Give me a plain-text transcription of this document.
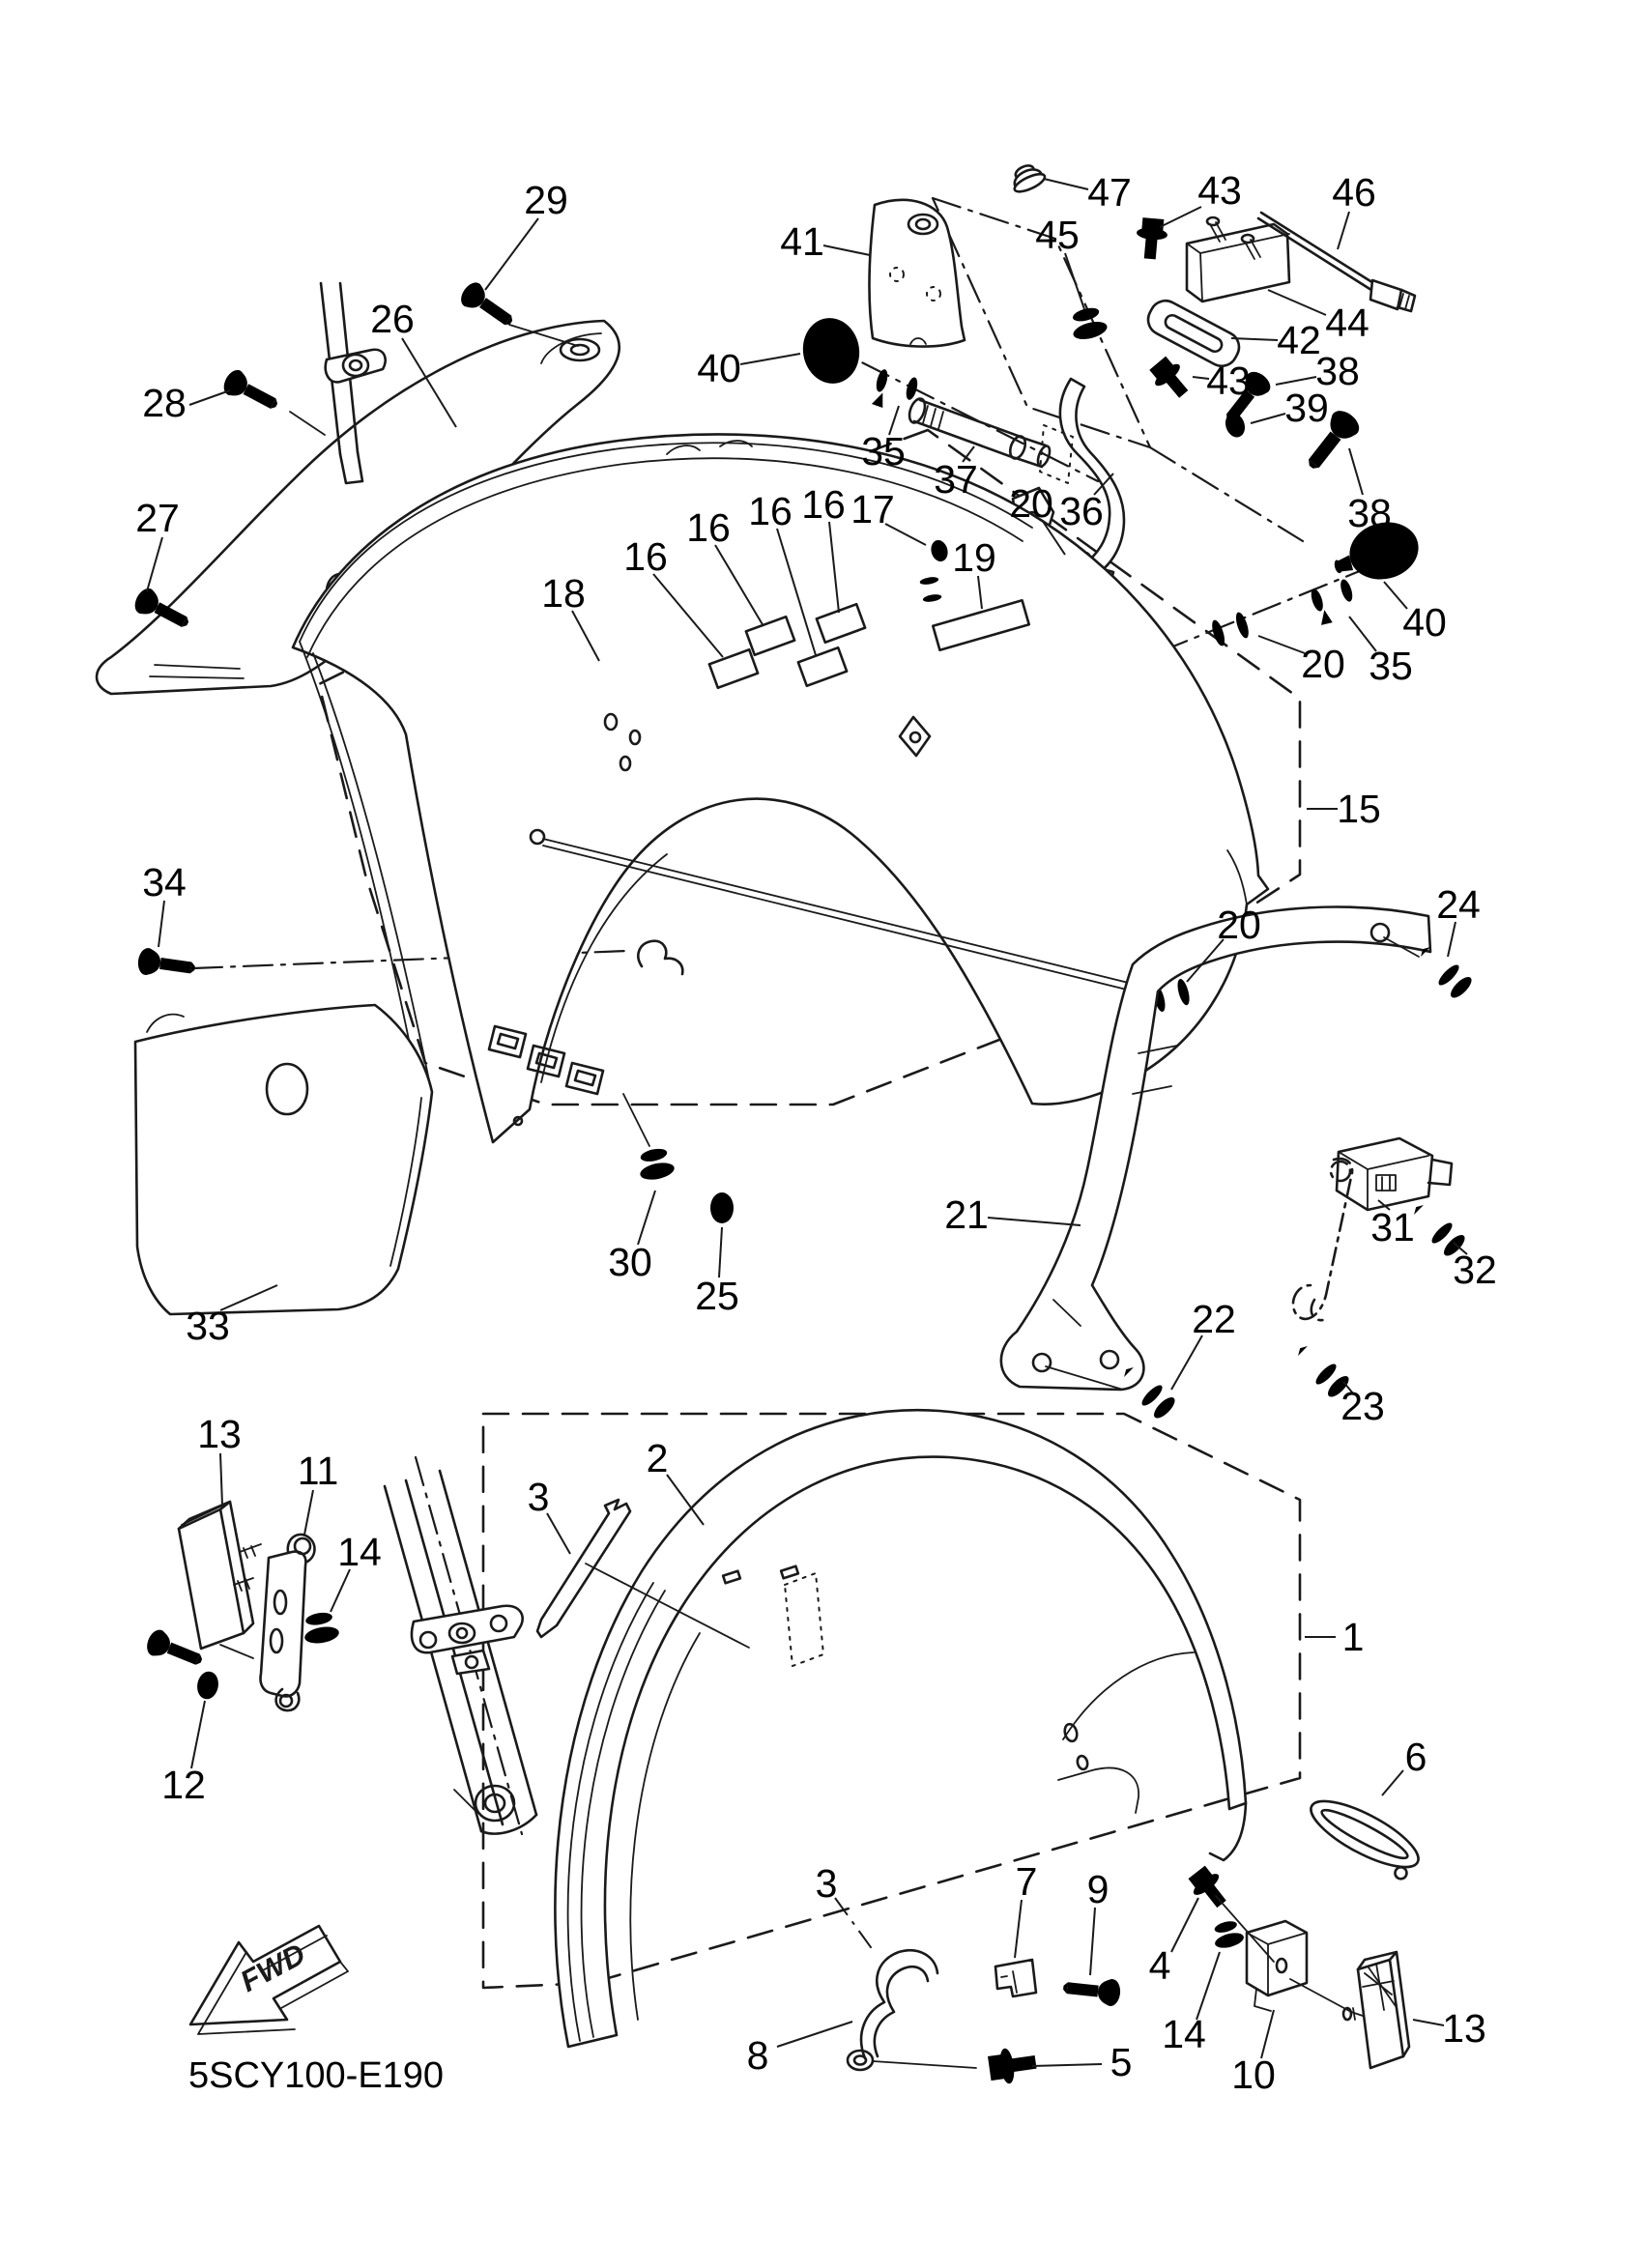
FWD
5SCY100-E190
29
26
28
27
34
33
30
25
41
47 43 46
45
44
42
43 38
39
38
40
35
37
20 36
40
35
20
16
16 16 16 17
19
18
15
24
20
21	31
32
22
23
1
13
11
14
2
3
12
6
3	7 9
4
14
10
5
13
8
